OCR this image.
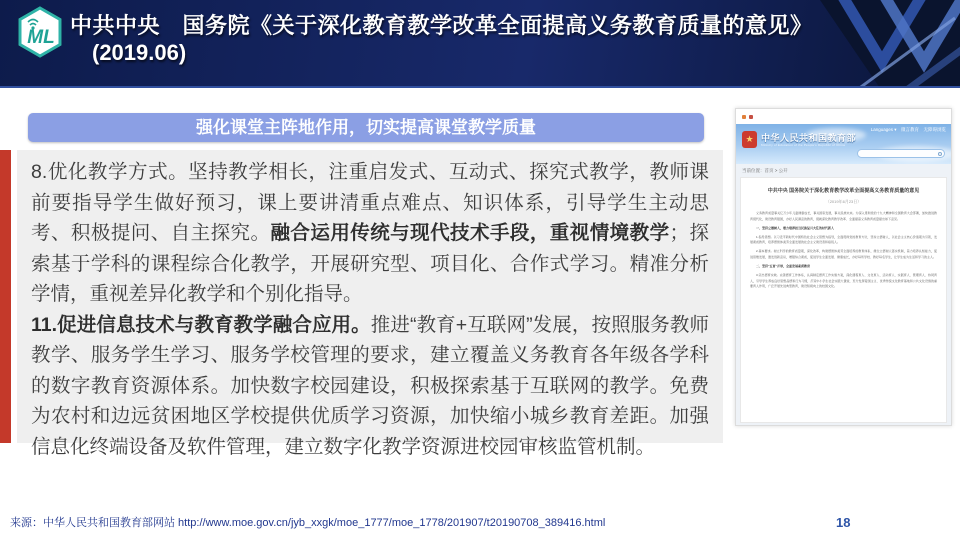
ML 中共中央　国务院《关于深化教育教学改革全面提高义务教育质量的意见》
(2019.06)
强化课堂主阵地作用，切实提高课堂教学质量

8.优化教学方式。坚持教学相长，注重启发式、互动式、探究式教学，教师课前要指导学生做好预习，课上要讲清重点难点、知识体系，引导学生主动思考、积极提问、自主探究。融合运用传统与现代技术手段，重视情境教学；探索基于学科的课程综合化教学，开展研究型、项目化、合作式学习。精准分析学情，重视差异化教学和个别化指导。

11.促进信息技术与教育教学融合应用。推进“教育+互联网”发展，按照服务教师教学、服务学生学习、服务学校管理的要求，建立覆盖义务教育各年级各学科的数字教育资源体系。加快数字校园建设，积极探索基于互联网的教学。免费为农村和边远贫困地区学校提供优质学习资源，加快缩小城乡教育差距。加强信息化终端设备及软件管理，建立数字化教学资源进校园审核监管机制。

★ 中华人民共和国教育部
Ministry of Education of the People's Republic of China
Languages ▾　微言教育　无障碍浏览
当前位置：首页 > 公开
中共中央 国务院关于深化教育教学改革全面提高义务教育质量的意见
（2019年6月23日）

义务教育质量事关亿万少年儿童健康成长，事关国家发展，事关民族未来。为深入贯彻党的十九大精神和全国教育大会部署，加快推进教育现代化，建设教育强国，办好人民满意的教育，现就深化教育教学改革、全面提高义务教育质量提出如下意见。

一、坚持立德树人，着力培养担当民族复兴大任的时代新人

1.指导思想。以习近平新时代中国特色社会主义思想为指导，全面贯彻党的教育方针，坚持立德树人，以社会主义核心价值观为引领，发展素质教育，培养德智体美劳全面发展的社会主义建设者和接班人。

2.基本要求。树立科学的教育质量观，深化改革，构建德智体美劳全面培养的教育体系，健全立德树人落实机制，着力培养认知能力，促进思维发展，激发创新意识，增强综合素质，促进学生全面发展、健康成长，办好每所学校、教好每名学生，让学生成为生活和学习的主人。

二、坚持“五育”并举，全面发展素质教育

3.突出德育实效。完善德育工作体系，认真制定德育工作实施方案，深化课程育人、文化育人、活动育人、实践育人、管理育人、协同育人，引导学生养成良好思想品德和行为习惯，打造中小学生社会实践大课堂，充分发挥爱国主义、优秀传统文化教育基地和公共文化设施的重要育人作用，广泛开展先进典型教育，建设积极向上的校园文化。

来源：中华人民共和国教育部网站 http://www.moe.gov.cn/jyb_xxgk/moe_1777/moe_1778/201907/t20190708_389416.html	18
